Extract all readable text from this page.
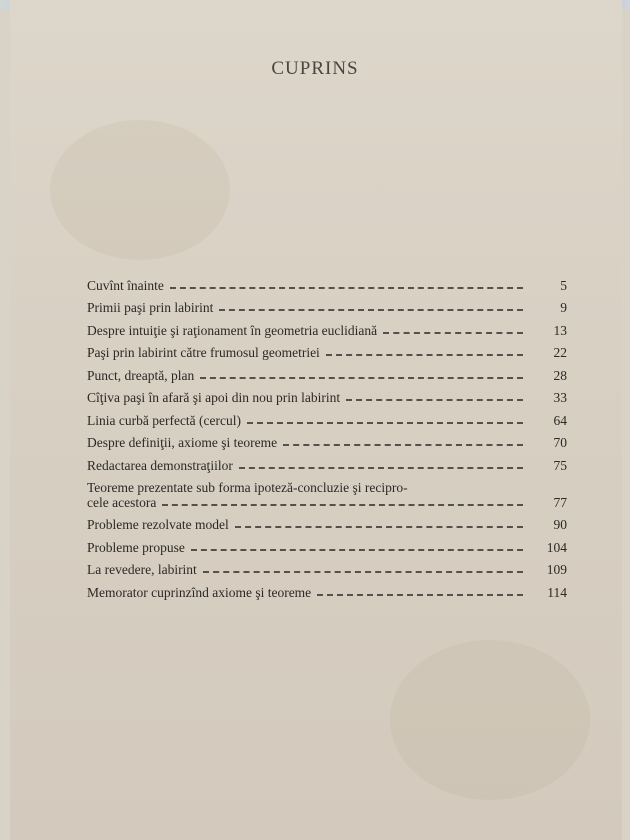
CUPRINS
Cuvînt înainte	5
Primii paşi prin labirint	9
Despre intuiţie şi raţionament în geometria euclidiană	13
Paşi prin labirint către frumosul geometriei	22
Punct, dreaptă, plan	28
Cîţiva paşi în afară şi apoi din nou prin labirint	33
Linia curbă perfectă (cercul)	64
Despre definiţii, axiome şi teoreme	70
Redactarea demonstraţiilor	75
Teoreme prezentate sub forma ipoteză-concluzie şi recipro-
cele acestora	77
Probleme rezolvate model	90
Probleme propuse	104
La revedere, labirint	109
Memorator cuprinzînd axiome şi teoreme	114
